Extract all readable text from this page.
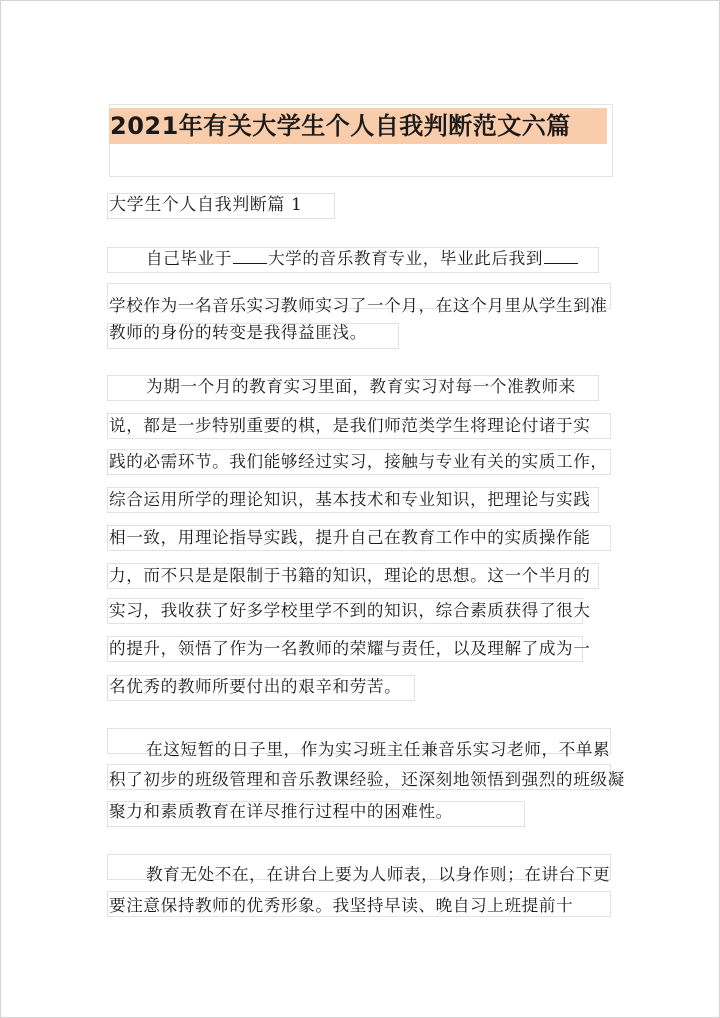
2021年有关大学生个人自我判断范文六篇
大学生个人自我判断篇 1
自己毕业于 大学的音乐教育专业，毕业此后我到
学校作为一名音乐实习教师实习了一个月，在这个月里从学生到准
教师的身份的转变是我得益匪浅。
为期一个月的教育实习里面，教育实习对每一个准教师来
说，都是一步特别重要的棋，是我们师范类学生将理论付诸于实
践的必需环节。我们能够经过实习，接触与专业有关的实质工作，
综合运用所学的理论知识，基本技术和专业知识，把理论与实践
相一致，用理论指导实践，提升自己在教育工作中的实质操作能
力，而不只是是限制于书籍的知识，理论的思想。这一个半月的
实习，我收获了好多学校里学不到的知识，综合素质获得了很大
的提升，领悟了作为一名教师的荣耀与责任，以及理解了成为一
名优秀的教师所要付出的艰辛和劳苦。
在这短暂的日子里，作为实习班主任兼音乐实习老师，不单累
积了初步的班级管理和音乐教课经验，还深刻地领悟到强烈的班级凝
聚力和素质教育在详尽推行过程中的困难性。
教育无处不在，在讲台上要为人师表，以身作则；在讲台下更
要注意保持教师的优秀形象。我坚持早读、晚自习上班提前十
